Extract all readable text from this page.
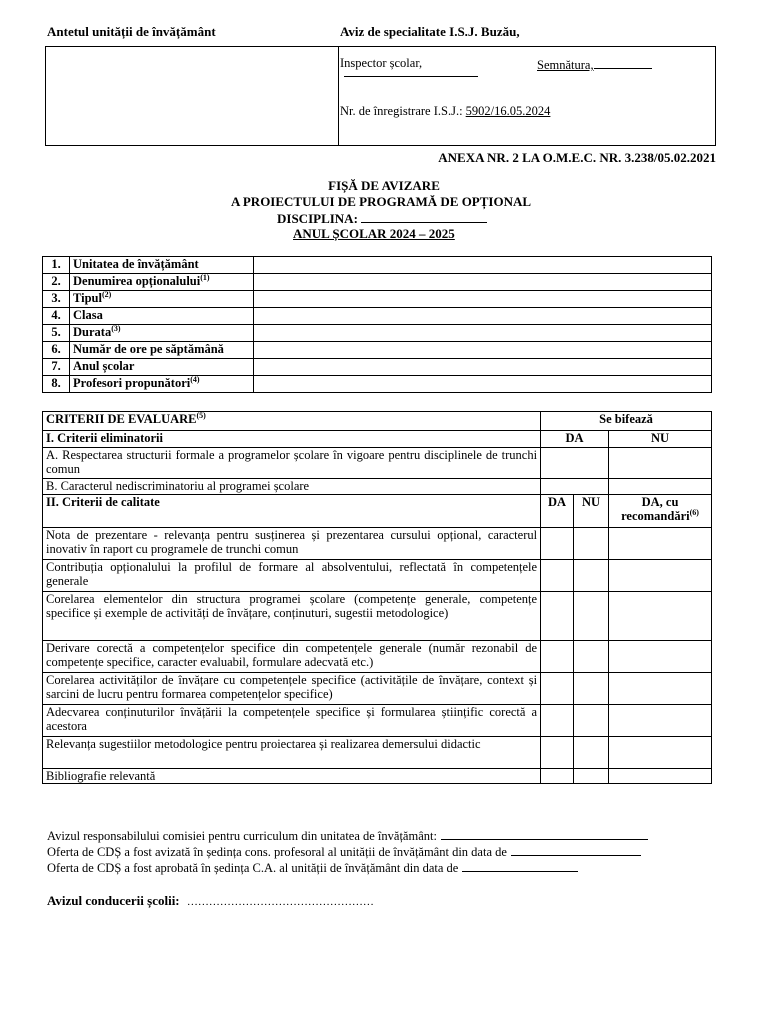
Antetul unității de învățământ	Aviz de specialitate I.S.J. Buzău,
Inspector școlar,	Semnătura,
Nr. de înregistrare I.S.J.: 5902/16.05.2024
ANEXA NR. 2 LA O.M.E.C. NR. 3.238/05.02.2021
FIȘĂ DE AVIZARE
A PROIECTULUI DE PROGRAMĂ DE OPȚIONAL
DISCIPLINA:
ANUL ȘCOLAR 2024 – 2025
1.	Unitatea de învățământ	
2.	Denumirea opționalului$^{(1)}$	
3.	Tipul$^{(2)}$	
4.	Clasa	
5.	Durata$^{(3)}$	
6.	Număr de ore pe săptămână	
7.	Anul școlar	
8.	Profesori propunători$^{(4)}$	
CRITERII DE EVALUARE$^{(5)}$	Se bifează		
I. Criterii eliminatorii	DA		NU
A. Respectarea structurii formale a programelor școlare în vigoare pentru disciplinele de trunchi comun			
B. Caracterul nediscriminatoriu al programei școlare			
II. Criterii de calitate	DA	NU	DA, cu recomandări$^{(6)}$
Nota de prezentare - relevanța pentru susținerea și prezentarea cursului opțional, caracterul inovativ în raport cu programele de trunchi comun			
Contribuția opționalului la profilul de formare al absolventului, reflectată în competențele generale			
Corelarea elementelor din structura programei școlare (competențe generale, competențe specifice și exemple de activități de învățare, conținuturi, sugestii metodologice)			
Derivare corectă a competențelor specifice din competențele generale (număr rezonabil de competențe specifice, caracter evaluabil, formulare adecvată etc.)			
Corelarea activităților de învățare cu competențele specifice (activitățile de învățare, context și sarcini de lucru pentru formarea competențelor specifice)			
Adecvarea conținuturilor învățării la competențele specifice și formularea științific corectă a acestora			
Relevanța sugestiilor metodologice pentru proiectarea și realizarea demersului didactic			
Bibliografie relevantă			
Avizul responsabilului comisiei pentru curriculum din unitatea de învățământ:
Oferta de CDȘ a fost avizată în ședința cons. profesoral al unității de învățământ din data de
Oferta de CDȘ a fost aprobată în ședința C.A. al unității de învățământ din data de
Avizul conducerii școlii: ……………………………………………
